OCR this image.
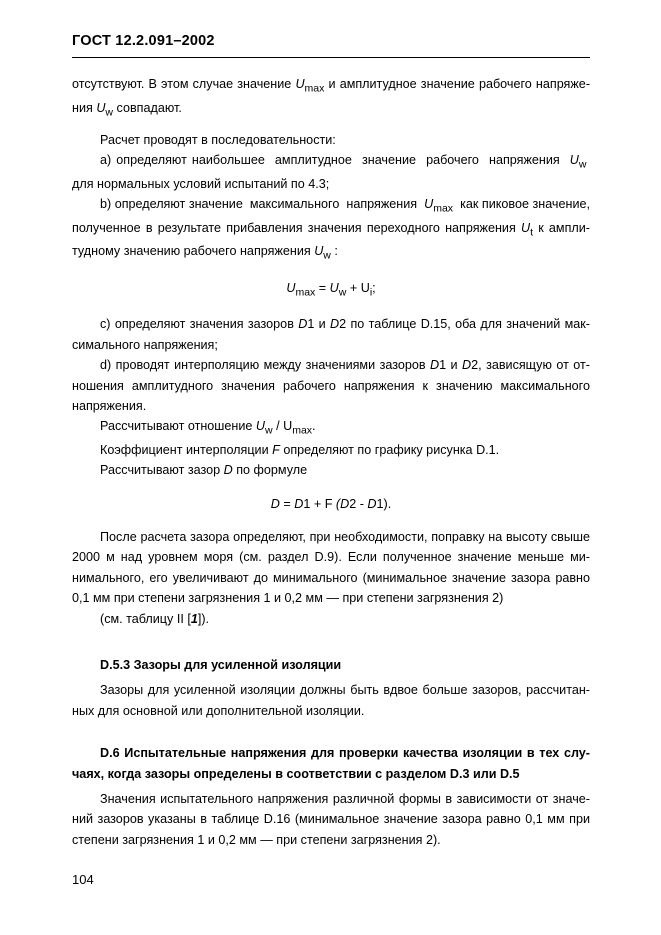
ГОСТ 12.2.091–2002

отсутствуют. В этом случае значение $U_{max}$ и амплитудное значение рабочего напряжения $U_w$ совпадают.

Расчет проводят в последовательности:

a) определяют наибольшее  амплитудное  значение  рабочего  напряжения  $U_w$  для нормальных условий испытаний по 4.3;

b) определяют значение  максимального  напряжения  $U_{max}$  как пиковое значение, полученное в результате прибавления значения переходного напряжения $U_t$ к амплитудному значению рабочего напряжения $U_w$ :

$U_{max} = U_w + U_i$;

c) определяют значения зазоров D1 и D2 по таблице D.15, оба для значений максимального напряжения;

d) проводят интерполяцию между значениями зазоров D1 и D2, зависящую от отношения  амплитудного  значения  рабочего  напряжения  к  значению  максимального напряжения.

Рассчитывают отношение $U_w / U_{max}$.

Коэффициент интерполяции F определяют по графику рисунка D.1.

Рассчитывают зазор D по формуле

D = D1 + F (D2 - D1).

После расчета зазора определяют, при необходимости, поправку на высоту свыше 2000 м над уровнем моря (см. раздел D.9). Если полученное значение меньше минимального, его увеличивают до минимального (минимальное значение зазора равно 0,1 мм при степени загрязнения 1 и 0,2 мм — при степени загрязнения 2)

(см. таблицу II [1]).

D.5.3 Зазоры для усиленной изоляции

Зазоры для усиленной изоляции должны быть вдвое больше зазоров, рассчитанных для основной или дополнительной изоляции.

D.6 Испытательные напряжения для проверки качества изоляции в тех случаях, когда зазоры определены в соответствии с разделом D.3 или D.5

Значения испытательного напряжения различной формы в зависимости от значений зазоров указаны в таблице D.16 (минимальное значение зазора равно 0,1 мм при степени загрязнения 1 и 0,2 мм — при степени загрязнения 2).

104
